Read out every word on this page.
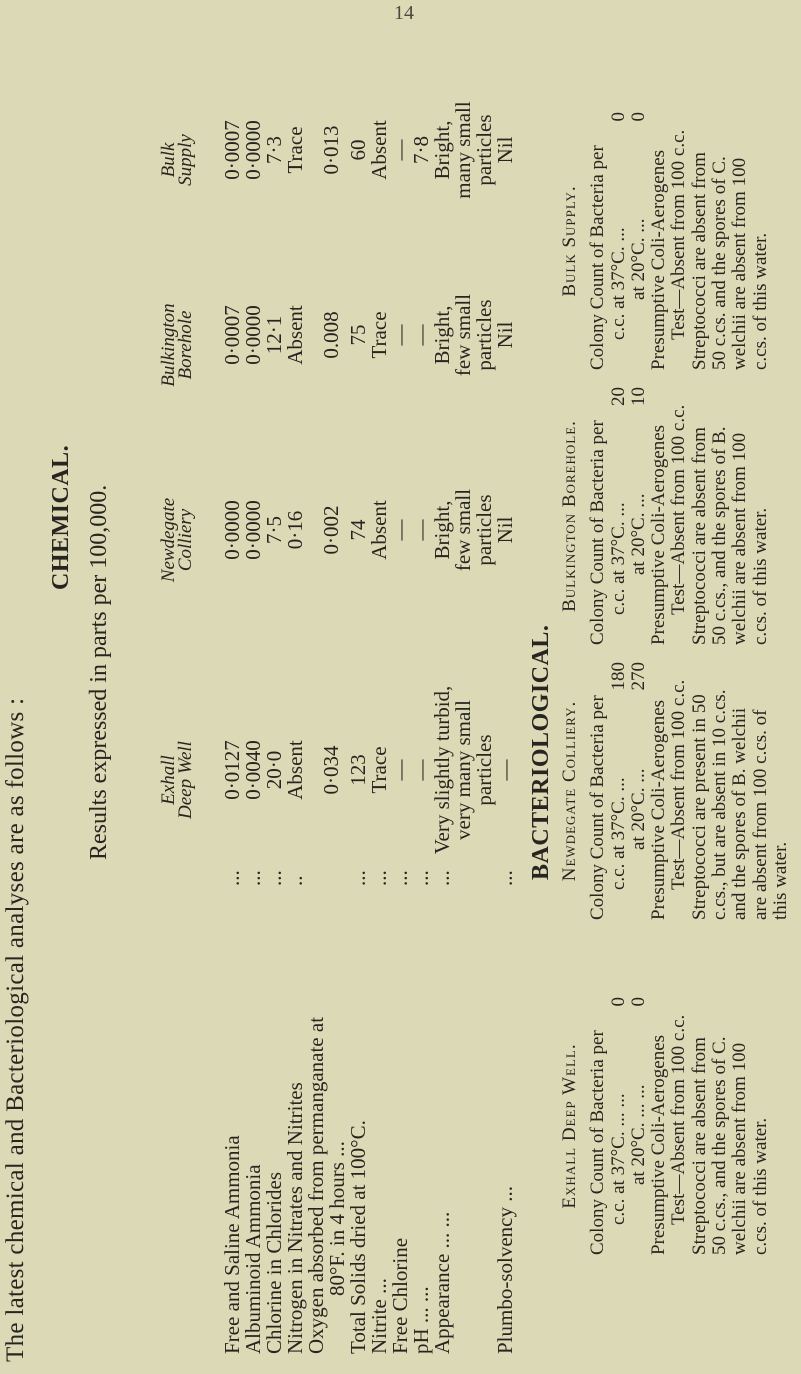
14
The latest chemical and Bacteriological analyses are as follows :
CHEMICAL. Results expressed in parts per 100,000. Exhall
Deep Well
Newdegate
Colliery
Bulkington
Borehole
Bulk
Supply
Free and Saline Ammonia
...
0·0127
0·0000
0·0007
0·0007
Albuminoid Ammonia
...
0·0040
0·0000
0·0000
0·0000
Chlorine in Chlorides
...
20·0
7·5
12·1
7·3
Nitrogen in Nitrates and Nitrites
..
Absent
0·16
Absent
Trace
Oxygen absorbed from permanganate at
80°F. in 4 hours ...
0·034
0·002
0.008
0·013
Total Solids dried at 100°C.
...
123
74
75
60
Nitrite ...
...
Trace
Absent
Trace
Absent
Free Chlorine
...
—
—
—
—
pH ... ...
...
—
—
—
7·8
Appearance ... ...
...
Very slightly turbid,
very many small
particles
Bright,
few small
particles
Bright,
few small
particles
Bright,
many small
particles
Plumbo-solvency ...
...
—
Nil
Nil
Nil
BACTERIOLOGICAL.
Exhall Deep Well. Colony Count of Bacteria per c.c. at 37°C. ... ...
0
at 20°C. ... ...
0
Presumptive Coli-Aerogenes Test—Absent from 100 c.c. Streptococci are absent from 50 c.cs., and the spores of C. welchii are absent from 100 c.cs. of this water.
Newdegate Colliery. Colony Count of Bacteria per c.c. at 37°C. ...
180
at 20°C. ...
270
Presumptive Coli-Aerogenes Test—Absent from 100 c.c. Streptococci are present in 50 c.cs., but are absent in 10 c.cs. and the spores of B. welchii are absent from 100 c.cs. of this water.
Bulkington Borehole. Colony Count of Bacteria per c.c. at 37°C. ...
20
at 20°C. ...
10
Presumptive Coli-Aerogenes Test—Absent from 100 c.c. Streptococci are absent from 50 c.cs., and the spores of B. welchii are absent from 100 c.cs. of this water.
Bulk Supply. Colony Count of Bacteria per c.c. at 37°C. ...
0
at 20°C. ...
0
Presumptive Coli-Aerogenes Test—Absent from 100 c.c. Streptococci are absent from 50 c.cs. and the spores of C. welchii are absent from 100 c.cs. of this water.
